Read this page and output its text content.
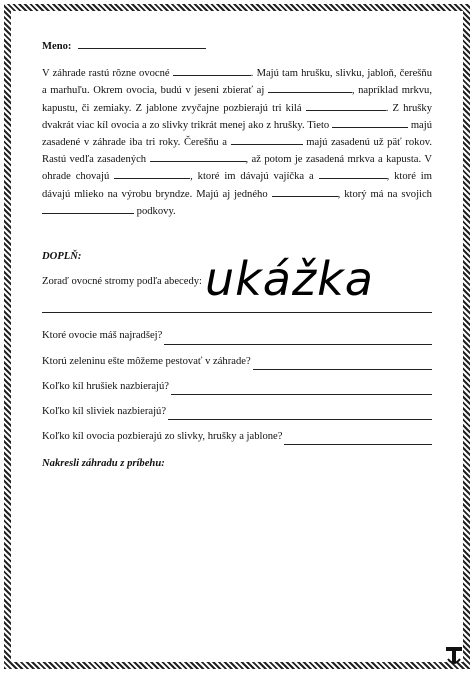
Meno:

V záhrade rastú rôzne ovocné	. Majú tam hrušku, slivku, jabloň, čerešňu a marhuľu. Okrem ovocia, budú v jeseni zbierať aj	, napríklad mrkvu, kapustu, či zemiaky. Z jablone zvyčajne pozbierajú tri kilá	. Z hrušky dvakrát viac kíl ovocia a zo slivky trikrát menej ako z hrušky. Tieto	majú zasadené v záhrade iba tri roky. Čerešňu a	majú zasadenú už päť rokov. Rastú vedľa zasadených	, až potom je zasadená mrkva a kapusta. V ohrade chovajú	, ktoré im dávajú vajíčka a	, ktoré im dávajú mlieko na výrobu bryndze. Majú aj jedného	, ktorý má na svojich  podkovy.

DOPLŇ:
Zoraď ovocné stromy podľa abecedy:
Ktoré ovocie máš najradšej?
Ktorú zeleninu ešte môžeme pestovať v záhrade?
Koľko kíl hrušiek nazbierajú?
Koľko kíl sliviek nazbierajú?
Koľko kíl ovocia pozbierajú zo slivky, hrušky a jablone?
Nakresli záhradu z príbehu:
ukážka
